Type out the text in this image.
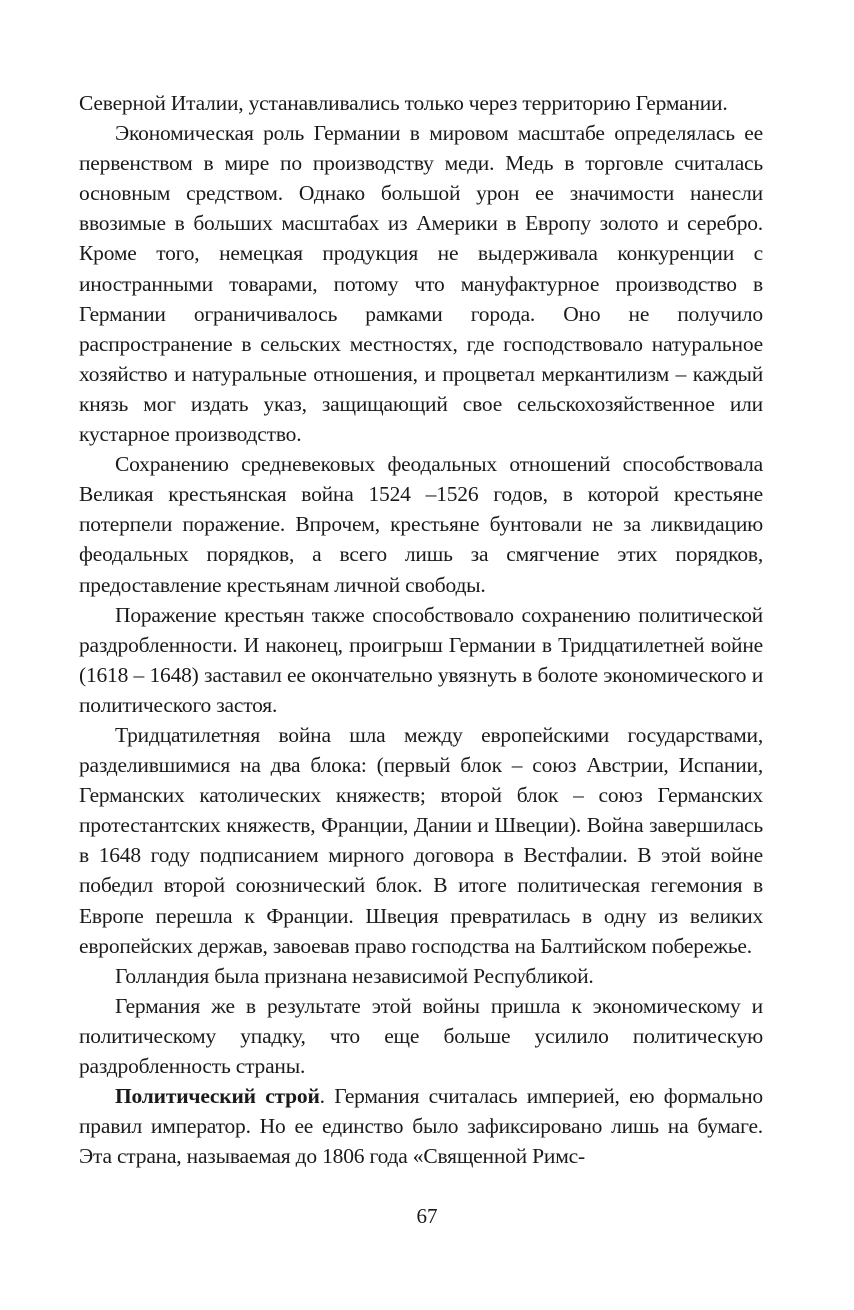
Северной Италии, устанавливались только через территорию Германии.

Экономическая роль Германии в мировом масштабе определялась ее первенством в мире по производству меди. Медь в торговле считалась основным средством. Однако большой урон ее значимости нанесли ввозимые в больших масштабах из Америки в Европу золото и серебро. Кроме того, немецкая продукция не выдерживала конкуренции с иностранными товарами, потому что мануфактурное производство в Германии ограничивалось рамками города. Оно не получило распространение в сельских местностях, где господствовало натуральное хозяйство и натуральные отношения, и процветал меркантилизм – каждый князь мог издать указ, защищающий свое сельскохозяйственное или кустарное производство.

Сохранению средневековых феодальных отношений способствовала Великая крестьянская война 1524 –1526 годов, в которой крестьяне потерпели поражение. Впрочем, крестьяне бунтовали не за ликвидацию феодальных порядков, а всего лишь за смягчение этих порядков, предоставление крестьянам личной свободы.

Поражение крестьян также способствовало сохранению политической раздробленности. И наконец, проигрыш Германии в Тридцатилетней войне (1618 – 1648) заставил ее окончательно увязнуть в болоте экономического и политического застоя.

Тридцатилетняя война шла между европейскими государствами, разделившимися на два блока: (первый блок – союз Австрии, Испании, Германских католических княжеств; второй блок – союз Германских протестантских княжеств, Франции, Дании и Швеции). Война завершилась в 1648 году подписанием мирного договора в Вестфалии. В этой войне победил второй союзнический блок. В итоге политическая гегемония в Европе перешла к Франции. Швеция превратилась в одну из великих европейских держав, завоевав право господства на Балтийском побережье.

Голландия была признана независимой Республикой.

Германия же в результате этой войны пришла к экономическому и политическому упадку, что еще больше усилило политическую раздробленность страны.

Политический строй. Германия считалась империей, ею формально правил император. Но ее единство было зафиксировано лишь на бумаге. Эта страна, называемая до 1806 года «Священной Римс-

67
